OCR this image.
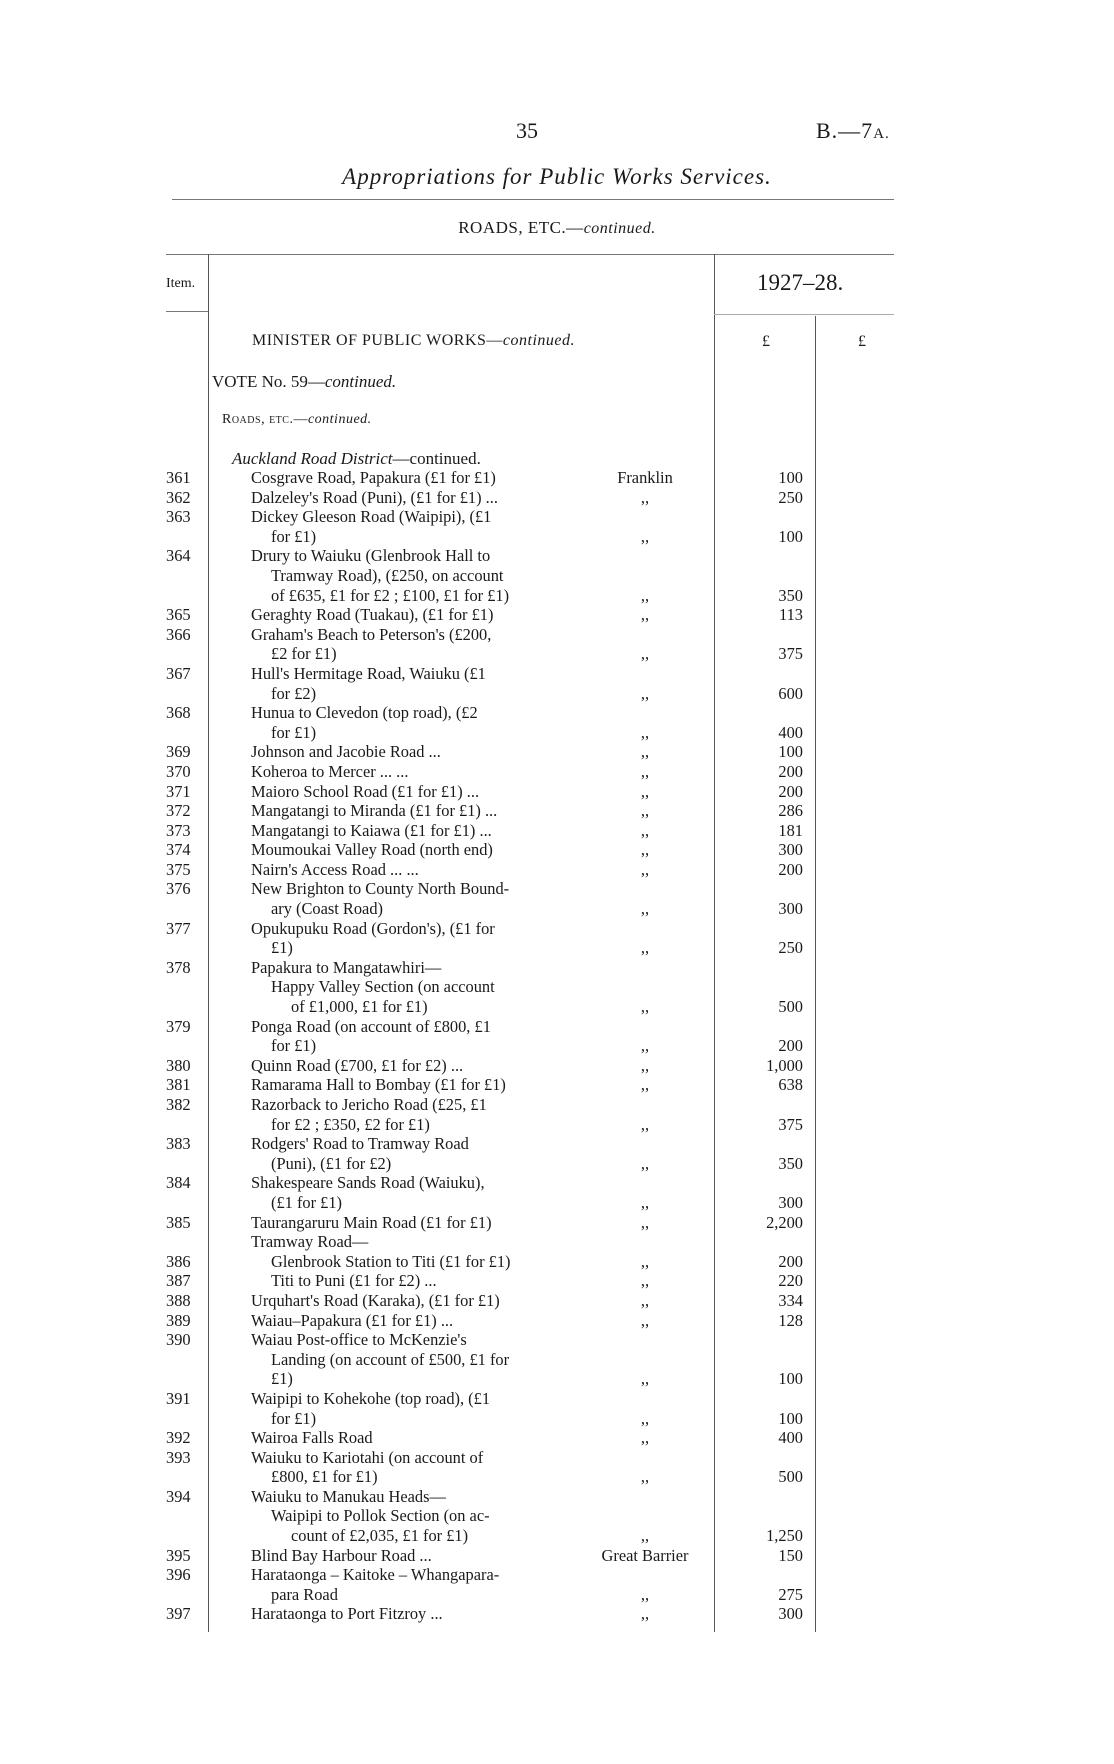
35	B.—7A.
Appropriations for Public Works Services.
ROADS, ETC.—continued.
Item.	1927–28.
£	£
MINISTER OF PUBLIC WORKS—continued.
VOTE No. 59—continued.
Roads, etc.—continued.
Auckland Road District—continued.
361	Cosgrave Road, Papakura (£1 for £1)	Franklin	100
362	Dalzeley's Road (Puni), (£1 for £1) ...	,,	250
363	Dickey Gleeson Road (Waipipi), (£1
for £1)	,,	100
364	Drury to Waiuku (Glenbrook Hall to
Tramway Road), (£250, on account
of £635, £1 for £2 ; £100, £1 for £1)	,,	350
365	Geraghty Road (Tuakau), (£1 for £1)	,,	113
366	Graham's Beach to Peterson's (£200,
£2 for £1)	,,	375
367	Hull's Hermitage Road, Waiuku (£1
for £2)	,,	600
368	Hunua to Clevedon (top road), (£2
for £1)	,,	400
369	Johnson and Jacobie Road ...	,,	100
370	Koheroa to Mercer ... ...	,,	200
371	Maioro School Road (£1 for £1) ...	,,	200
372	Mangatangi to Miranda (£1 for £1) ...	,,	286
373	Mangatangi to Kaiawa (£1 for £1) ...	,,	181
374	Moumoukai Valley Road (north end)	,,	300
375	Nairn's Access Road ... ...	,,	200
376	New Brighton to County North Bound-
ary (Coast Road)	,,	300
377	Opukupuku Road (Gordon's), (£1 for
£1)	,,	250
378	Papakura to Mangatawhiri—
Happy Valley Section (on account
of £1,000, £1 for £1)	,,	500
379	Ponga Road (on account of £800, £1
for £1)	,,	200
380	Quinn Road (£700, £1 for £2) ...	,,	1,000
381	Ramarama Hall to Bombay (£1 for £1)	,,	638
382	Razorback to Jericho Road (£25, £1
for £2 ; £350, £2 for £1)	,,	375
383	Rodgers' Road to Tramway Road
(Puni), (£1 for £2)	,,	350
384	Shakespeare Sands Road (Waiuku),
(£1 for £1)	,,	300
385	Taurangaruru Main Road (£1 for £1)	,,	2,200
Tramway Road—
386	Glenbrook Station to Titi (£1 for £1)	,,	200
387	Titi to Puni (£1 for £2) ...	,,	220
388	Urquhart's Road (Karaka), (£1 for £1)	,,	334
389	Waiau–Papakura (£1 for £1) ...	,,	128
390	Waiau Post-office to McKenzie's
Landing (on account of £500, £1 for
£1)	,,	100
391	Waipipi to Kohekohe (top road), (£1
for £1)	,,	100
392	Wairoa Falls Road	,,	400
393	Waiuku to Kariotahi (on account of
£800, £1 for £1)	,,	500
394	Waiuku to Manukau Heads—
Waipipi to Pollok Section (on ac-
count of £2,035, £1 for £1)	,,	1,250
395	Blind Bay Harbour Road ...	Great Barrier	150
396	Harataonga – Kaitoke – Whangapara-
para Road	,,	275
397	Harataonga to Port Fitzroy ...	,,	300
